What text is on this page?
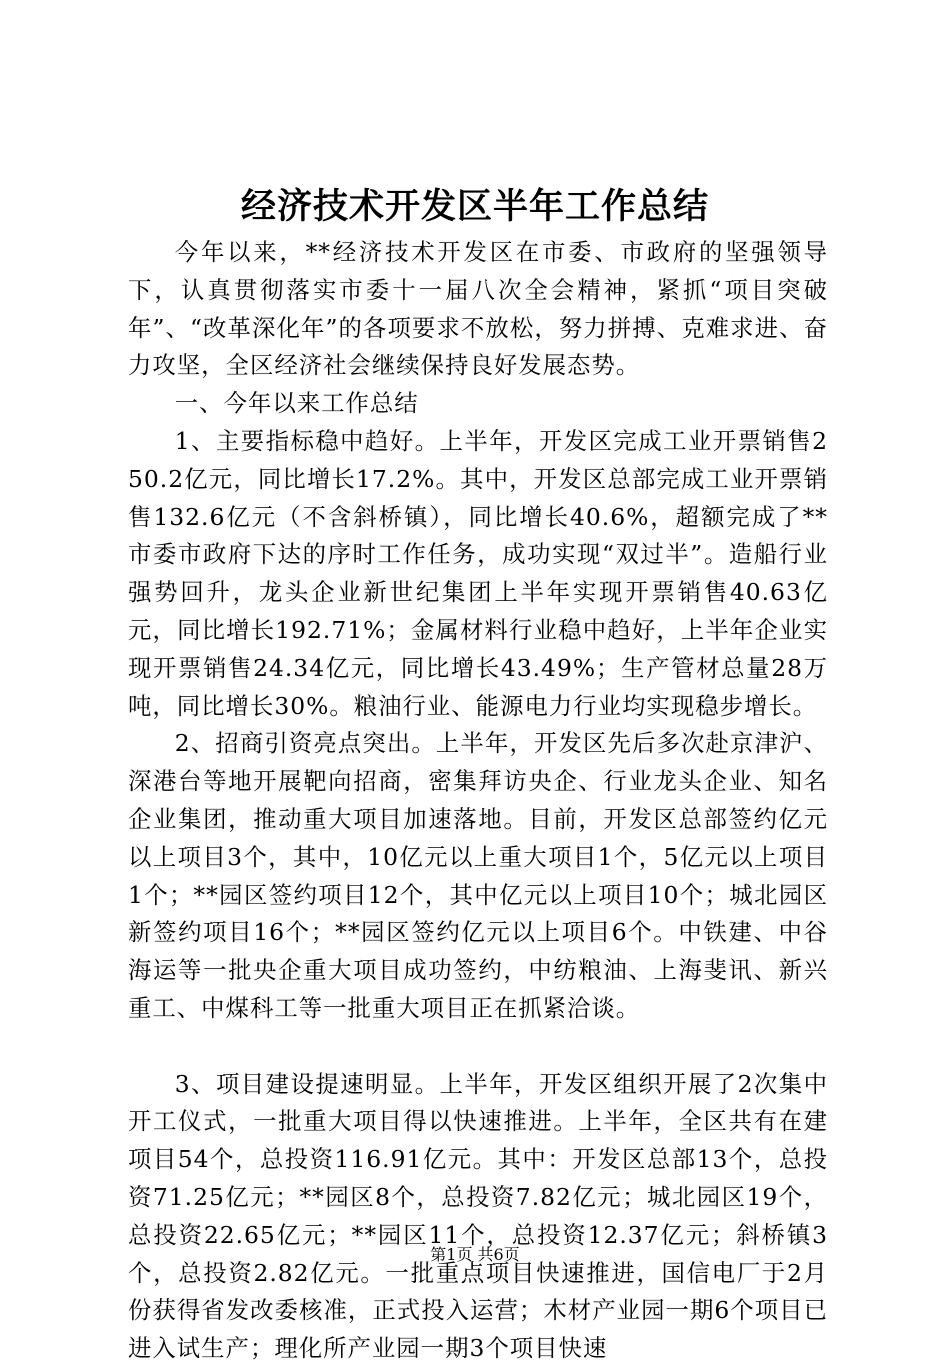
经济技术开发区半年工作总结

今年以来，**经济技术开发区在市委、市政府的坚强领导下，认真贯彻落实市委十一届八次全会精神，紧抓“项目突破年”、“改革深化年”的各项要求不放松，努力拼搏、克难求进、奋力攻坚，全区经济社会继续保持良好发展态势。

一、今年以来工作总结

1、主要指标稳中趋好。上半年，开发区完成工业开票销售250.2亿元，同比增长17.2%。其中，开发区总部完成工业开票销售132.6亿元（不含斜桥镇），同比增长40.6%，超额完成了**市委市政府下达的序时工作任务，成功实现“双过半”。造船行业强势回升，龙头企业新世纪集团上半年实现开票销售40.63亿元，同比增长192.71%；金属材料行业稳中趋好，上半年企业实现开票销售24.34亿元，同比增长43.49%；生产管材总量28万吨，同比增长30%。粮油行业、能源电力行业均实现稳步增长。

2、招商引资亮点突出。上半年，开发区先后多次赴京津沪、深港台等地开展靶向招商，密集拜访央企、行业龙头企业、知名企业集团，推动重大项目加速落地。目前，开发区总部签约亿元以上项目3个，其中，10亿元以上重大项目1个，5亿元以上项目1个；**园区签约项目12个，其中亿元以上项目10个；城北园区新签约项目16个；**园区签约亿元以上项目6个。中铁建、中谷海运等一批央企重大项目成功签约，中纺粮油、上海斐讯、新兴重工、中煤科工等一批重大项目正在抓紧洽谈。

3、项目建设提速明显。上半年，开发区组织开展了2次集中开工仪式，一批重大项目得以快速推进。上半年，全区共有在建项目54个，总投资116.91亿元。其中：开发区总部13个，总投资71.25亿元；**园区8个，总投资7.82亿元；城北园区19个，总投资22.65亿元；**园区11个，总投资12.37亿元；斜桥镇3个，总投资2.82亿元。一批重点项目快速推进，国信电厂于2月份获得省发改委核准，正式投入运营；木材产业园一期6个项目已进入试生产；理化所产业园一期3个项目快速

第1页 共6页
